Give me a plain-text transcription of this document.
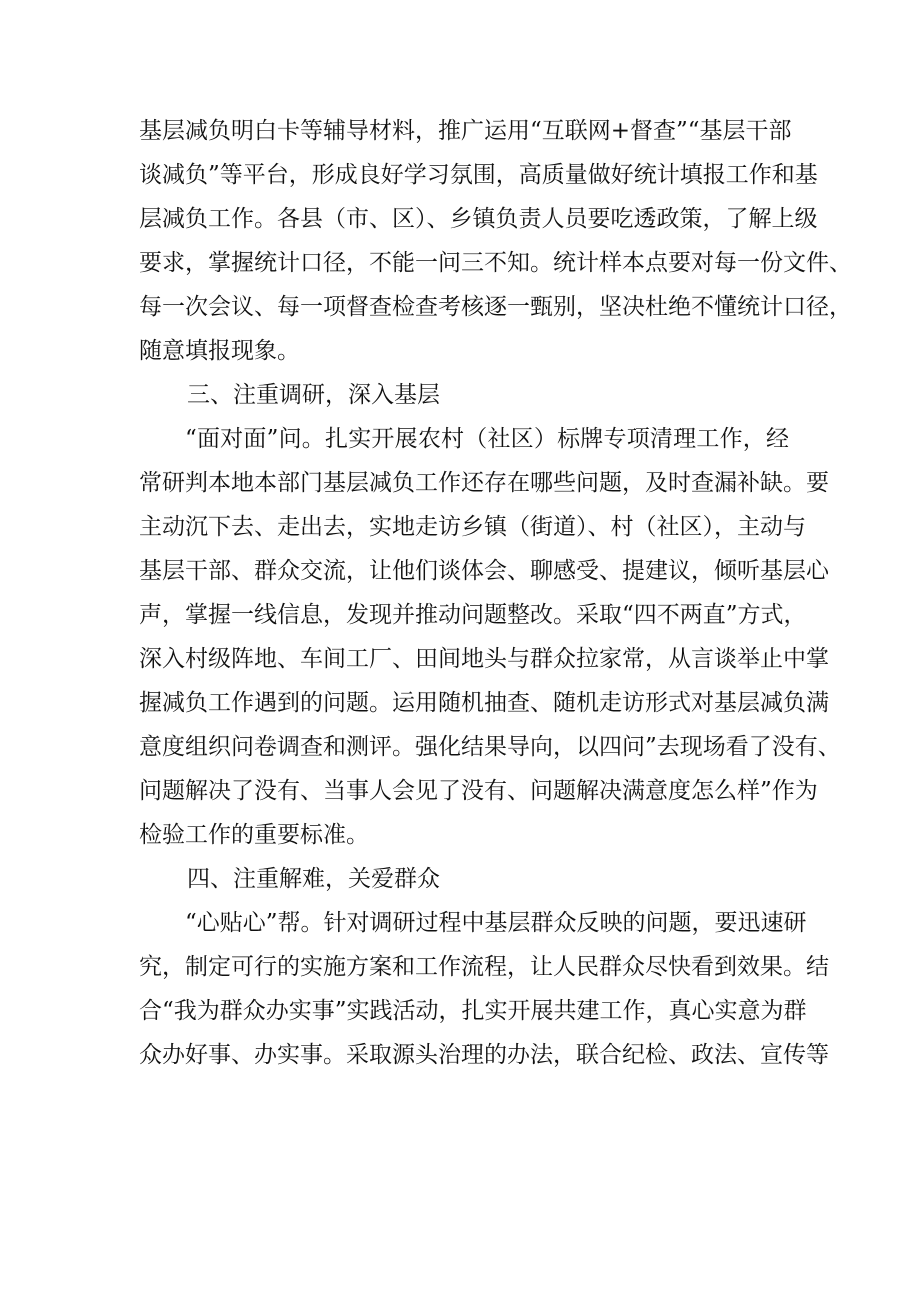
基层减负明白卡等辅导材料，推广运用“互联网+督查”“基层干部
谈减负”等平台，形成良好学习氛围，高质量做好统计填报工作和基
层减负工作。各县（市、区）、乡镇负责人员要吃透政策，了解上级
要求，掌握统计口径，不能一问三不知。统计样本点要对每一份文件、
每一次会议、每一项督查检查考核逐一甄别，坚决杜绝不懂统计口径，
随意填报现象。
三、注重调研，深入基层
“面对面”问。扎实开展农村（社区）标牌专项清理工作，经
常研判本地本部门基层减负工作还存在哪些问题，及时查漏补缺。要
主动沉下去、走出去，实地走访乡镇（街道）、村（社区），主动与
基层干部、群众交流，让他们谈体会、聊感受、提建议，倾听基层心
声，掌握一线信息，发现并推动问题整改。采取“四不两直”方式，
深入村级阵地、车间工厂、田间地头与群众拉家常，从言谈举止中掌
握减负工作遇到的问题。运用随机抽查、随机走访形式对基层减负满
意度组织问卷调查和测评。强化结果导向，以四问”去现场看了没有、
问题解决了没有、当事人会见了没有、问题解决满意度怎么样”作为
检验工作的重要标准。
四、注重解难，关爱群众
“心贴心”帮。针对调研过程中基层群众反映的问题，要迅速研
究，制定可行的实施方案和工作流程，让人民群众尽快看到效果。结
合“我为群众办实事”实践活动，扎实开展共建工作，真心实意为群
众办好事、办实事。采取源头治理的办法，联合纪检、政法、宣传等
